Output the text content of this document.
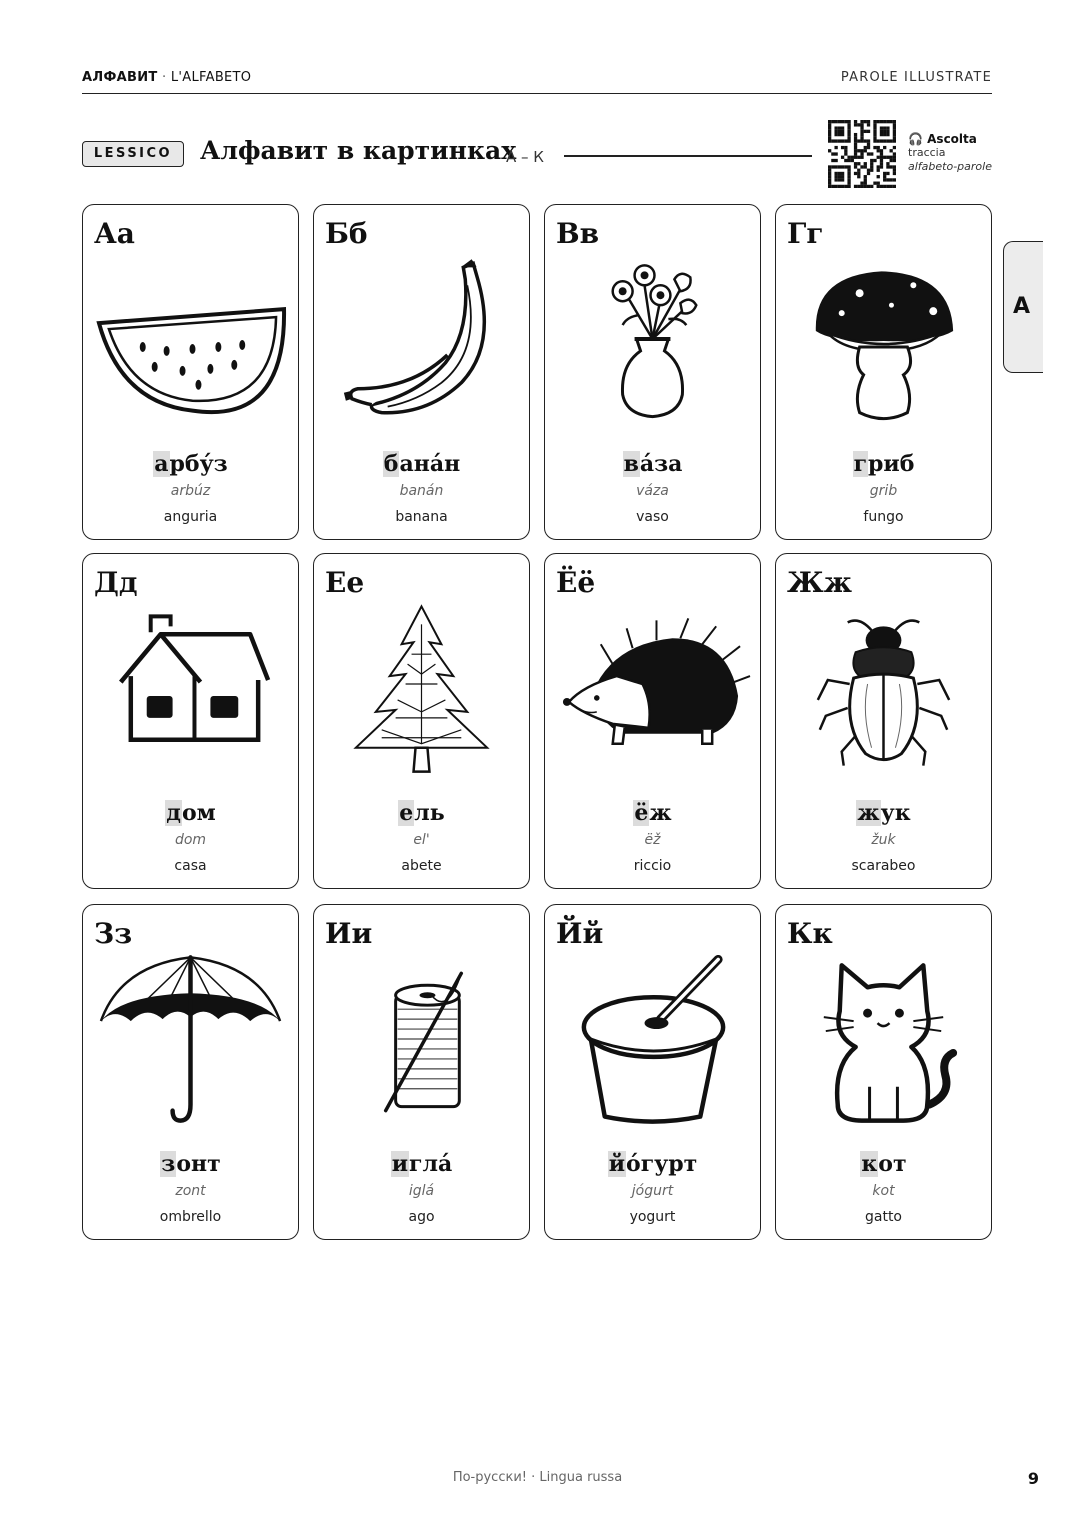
АЛФАВИТ · L'ALFABETO	PAROLE ILLUSTRATE
LESSICO	Алфавит в картинках
А – К
🎧 Ascolta
traccia
alfabeto-parole
А
Аа
арбу́з
arbúz
anguria
Бб
бана́н
banán
banana
Вв
ва́за
váza
vaso
Гг
гриб
grib
fungo
Дд
дом
dom
casa
Ее
ель
el'
abete
Ёё
ёж
ëž
riccio
Жж
жук
žuk
scarabeo
Зз
зонт
zont
ombrello
Ии
игла́
iglá
ago
Йй
йо́гурт
jógurt
yogurt
Кк
кот
kot
gatto
По-русски! · Lingua russa	9
